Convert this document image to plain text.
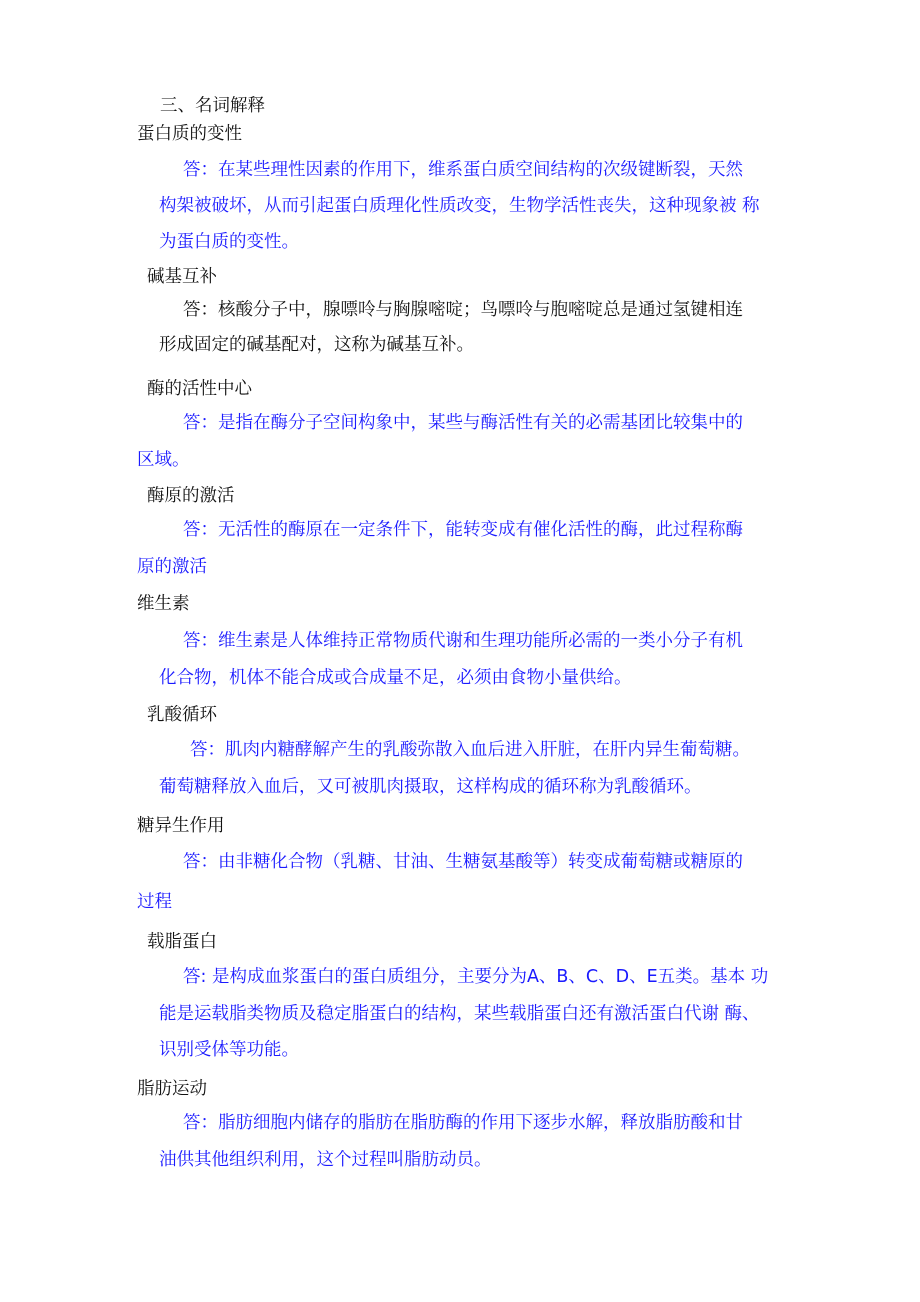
三、名词解释
蛋白质的变性
答：在某些理性因素的作用下，维系蛋白质空间结构的次级键断裂，天然
构架被破坏，从而引起蛋白质理化性质改变，生物学活性丧失，这种现象被 称
为蛋白质的变性。
碱基互补
答：核酸分子中，腺嘌呤与胸腺嘧啶；鸟嘌呤与胞嘧啶总是通过氢键相连
形成固定的碱基配对，这称为碱基互补。
酶的活性中心
答：是指在酶分子空间构象中，某些与酶活性有关的必需基团比较集中的
区域。
酶原的激活
答：无活性的酶原在一定条件下，能转变成有催化活性的酶，此过程称酶
原的激活
维生素
答：维生素是人体维持正常物质代谢和生理功能所必需的一类小分子有机
化合物，机体不能合成或合成量不足，必须由食物小量供给。
乳酸循环
答：肌肉内糖酵解产生的乳酸弥散入血后进入肝脏，在肝内异生葡萄糖。
葡萄糖释放入血后，又可被肌肉摄取，这样构成的循环称为乳酸循环。
糖异生作用
答：由非糖化合物（乳糖、甘油、生糖氨基酸等）转变成葡萄糖或糖原的
过程
载脂蛋白
答: 是构成血浆蛋白的蛋白质组分，主要分为A、B、C、D、E五类。基本 功
能是运载脂类物质及稳定脂蛋白的结构，某些载脂蛋白还有激活蛋白代谢 酶、
识别受体等功能。
脂肪运动
答：脂肪细胞内储存的脂肪在脂肪酶的作用下逐步水解，释放脂肪酸和甘
油供其他组织利用，这个过程叫脂肪动员。
